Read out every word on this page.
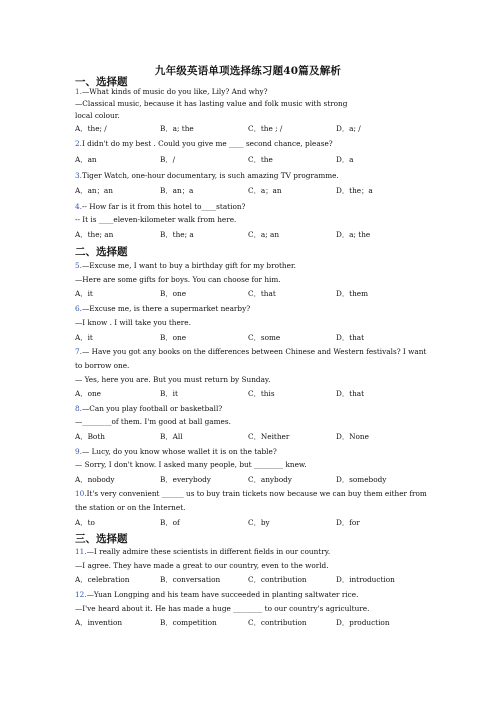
九年级英语单项选择练习题40篇及解析
一、选择题
1.—What kinds of music do you like, Lily? And why?
—Classical music, because it has lasting value and folk music with strong
local colour.
A．the; /	B．a; the	C．the ; /	D．a; /
2.I didn't do my best . Could you give me ____ second chance, please?
A．an	B．/	C．the	D．a
3.Tiger Watch, one-hour documentary, is such amazing TV programme.
A．an；an	B．an；a	C．a；an	D．the；a
4.-- How far is it from this hotel to____station?
-- It is ____eleven-kilometer walk from here.
A．the; an	B．the; a	C．a; an	D．a; the
二、选择题
5.—Excuse me, I want to buy a birthday gift for my brother.
—Here are some gifts for boys. You can choose for him.
A．it	B．one	C．that	D．them
6.—Excuse me, is there a supermarket nearby?
—I know . I will take you there.
A．it	B．one	C．some	D．that
7.— Have you got any books on the differences between Chinese and Western festivals? I want
to borrow one.
— Yes, here you are. But you must return by Sunday.
A．one	B．it	C．this	D．that
8.—Can you play football or basketball?
—________of them. I'm good at ball games.
A．Both	B．All	C．Neither	D．None
9.— Lucy, do you know whose wallet it is on the table?
— Sorry, I don't know. I asked many people, but ________ knew.
A．nobody	B．everybody	C．anybody	D．somebody
10.It's very convenient ______ us to buy train tickets now because we can buy them either from
the station or on the Internet.
A．to	B．of	C．by	D．for
三、选择题
11.—I really admire these scientists in different fields in our country.
—I agree. They have made a great to our country, even to the world.
A．celebration	B．conversation	C．contribution	D．introduction
12.—Yuan Longping and his team have succeeded in planting saltwater rice.
—I've heard about it. He has made a huge ________ to our country's agriculture.
A．invention	B．competition	C．contribution	D．production
